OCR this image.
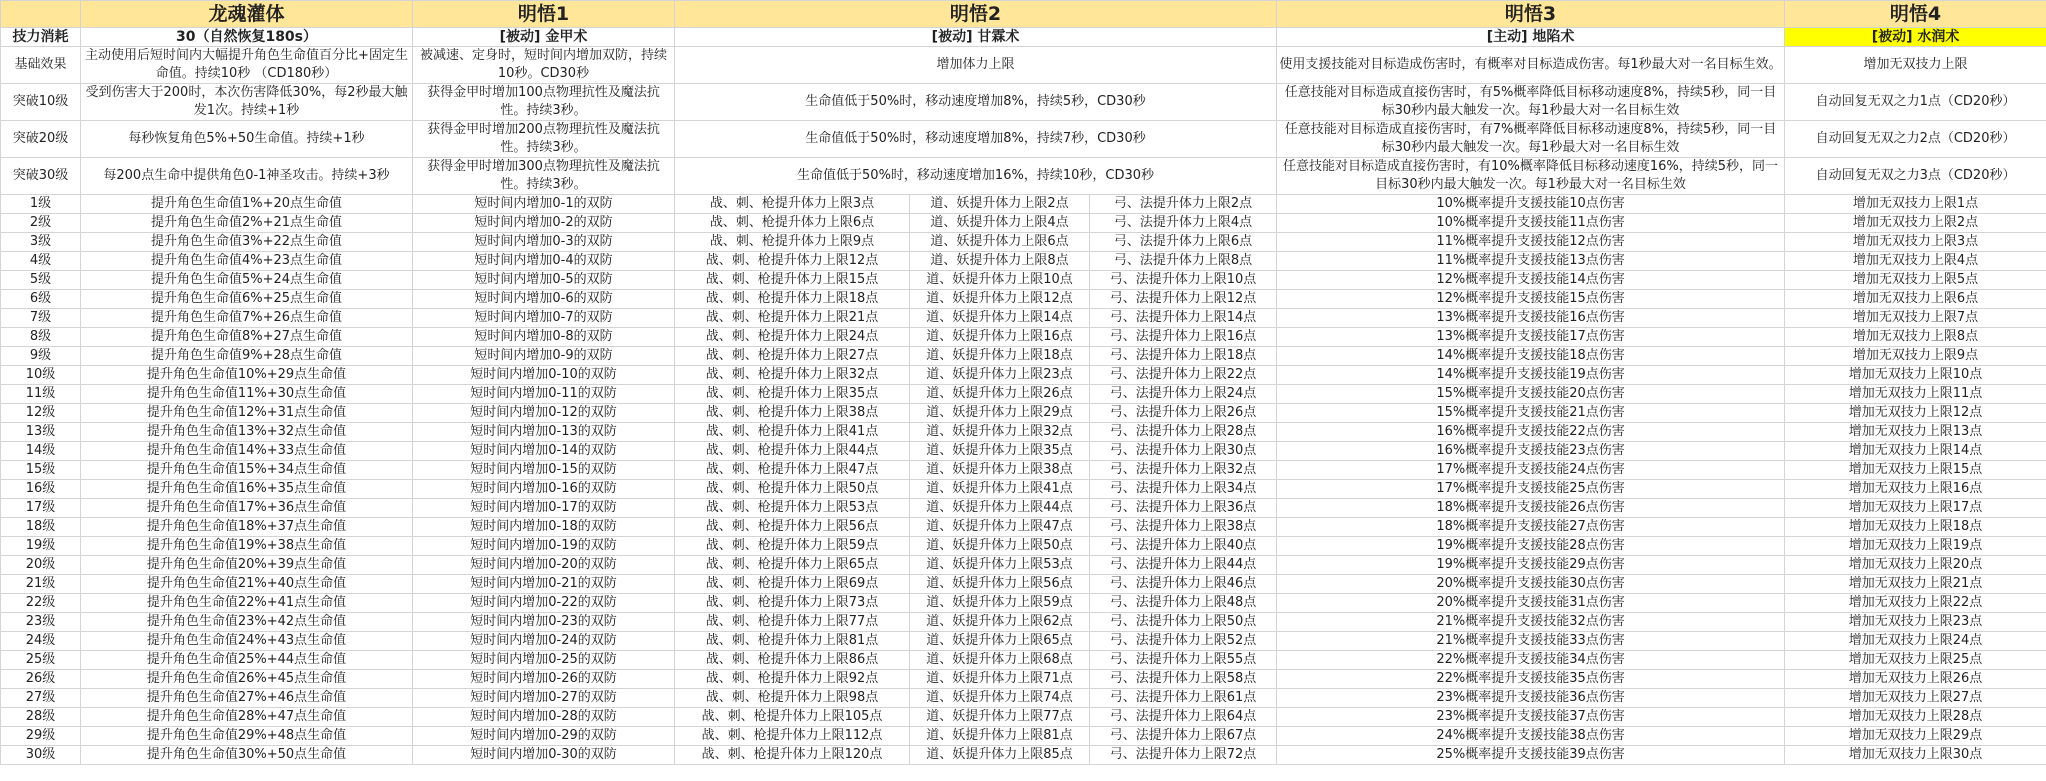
	龙魂灌体	明悟1	明悟2			明悟3	明悟4
技力消耗	30（自然恢复180s）	[被动] 金甲术	[被动] 甘霖术			[主动] 地陷术	[被动] 水润术
基础效果	主动使用后短时间内大幅提升角色生命值百分比+固定生命值。持续10秒 （CD180秒）	被减速、定身时，短时间内增加双防，持续10秒。CD30秒	增加体力上限			使用支援技能对目标造成伤害时，有概率对目标造成伤害。每1秒最大对一名目标生效。	增加无双技力上限
突破10级	受到伤害大于200时，本次伤害降低30%，每2秒最大触发1次。持续+1秒	获得金甲时增加100点物理抗性及魔法抗性。持续3秒。	生命值低于50%时，移动速度增加8%，持续5秒，CD30秒			任意技能对目标造成直接伤害时，有5%概率降低目标移动速度8%，持续5秒，同一目标30秒内最大触发一次。每1秒最大对一名目标生效	自动回复无双之力1点（CD20秒）
突破20级	每秒恢复角色5%+50生命值。持续+1秒	获得金甲时增加200点物理抗性及魔法抗性。持续3秒。	生命值低于50%时，移动速度增加8%，持续7秒，CD30秒			任意技能对目标造成直接伤害时，有7%概率降低目标移动速度8%，持续5秒，同一目标30秒内最大触发一次。每1秒最大对一名目标生效	自动回复无双之力2点（CD20秒）
突破30级	每200点生命中提供角色0-1神圣攻击。持续+3秒	获得金甲时增加300点物理抗性及魔法抗性。持续3秒。	生命值低于50%时，移动速度增加16%，持续10秒，CD30秒			任意技能对目标造成直接伤害时，有10%概率降低目标移动速度16%，持续5秒，同一目标30秒内最大触发一次。每1秒最大对一名目标生效	自动回复无双之力3点（CD20秒）
1级	提升角色生命值1%+20点生命值	短时间内增加0-1的双防	战、刺、枪提升体力上限3点	道、妖提升体力上限2点	弓、法提升体力上限2点	10%概率提升支援技能10点伤害	增加无双技力上限1点
2级	提升角色生命值2%+21点生命值	短时间内增加0-2的双防	战、刺、枪提升体力上限6点	道、妖提升体力上限4点	弓、法提升体力上限4点	10%概率提升支援技能11点伤害	增加无双技力上限2点
3级	提升角色生命值3%+22点生命值	短时间内增加0-3的双防	战、刺、枪提升体力上限9点	道、妖提升体力上限6点	弓、法提升体力上限6点	11%概率提升支援技能12点伤害	增加无双技力上限3点
4级	提升角色生命值4%+23点生命值	短时间内增加0-4的双防	战、刺、枪提升体力上限12点	道、妖提升体力上限8点	弓、法提升体力上限8点	11%概率提升支援技能13点伤害	增加无双技力上限4点
5级	提升角色生命值5%+24点生命值	短时间内增加0-5的双防	战、刺、枪提升体力上限15点	道、妖提升体力上限10点	弓、法提升体力上限10点	12%概率提升支援技能14点伤害	增加无双技力上限5点
6级	提升角色生命值6%+25点生命值	短时间内增加0-6的双防	战、刺、枪提升体力上限18点	道、妖提升体力上限12点	弓、法提升体力上限12点	12%概率提升支援技能15点伤害	增加无双技力上限6点
7级	提升角色生命值7%+26点生命值	短时间内增加0-7的双防	战、刺、枪提升体力上限21点	道、妖提升体力上限14点	弓、法提升体力上限14点	13%概率提升支援技能16点伤害	增加无双技力上限7点
8级	提升角色生命值8%+27点生命值	短时间内增加0-8的双防	战、刺、枪提升体力上限24点	道、妖提升体力上限16点	弓、法提升体力上限16点	13%概率提升支援技能17点伤害	增加无双技力上限8点
9级	提升角色生命值9%+28点生命值	短时间内增加0-9的双防	战、刺、枪提升体力上限27点	道、妖提升体力上限18点	弓、法提升体力上限18点	14%概率提升支援技能18点伤害	增加无双技力上限9点
10级	提升角色生命值10%+29点生命值	短时间内增加0-10的双防	战、刺、枪提升体力上限32点	道、妖提升体力上限23点	弓、法提升体力上限22点	14%概率提升支援技能19点伤害	增加无双技力上限10点
11级	提升角色生命值11%+30点生命值	短时间内增加0-11的双防	战、刺、枪提升体力上限35点	道、妖提升体力上限26点	弓、法提升体力上限24点	15%概率提升支援技能20点伤害	增加无双技力上限11点
12级	提升角色生命值12%+31点生命值	短时间内增加0-12的双防	战、刺、枪提升体力上限38点	道、妖提升体力上限29点	弓、法提升体力上限26点	15%概率提升支援技能21点伤害	增加无双技力上限12点
13级	提升角色生命值13%+32点生命值	短时间内增加0-13的双防	战、刺、枪提升体力上限41点	道、妖提升体力上限32点	弓、法提升体力上限28点	16%概率提升支援技能22点伤害	增加无双技力上限13点
14级	提升角色生命值14%+33点生命值	短时间内增加0-14的双防	战、刺、枪提升体力上限44点	道、妖提升体力上限35点	弓、法提升体力上限30点	16%概率提升支援技能23点伤害	增加无双技力上限14点
15级	提升角色生命值15%+34点生命值	短时间内增加0-15的双防	战、刺、枪提升体力上限47点	道、妖提升体力上限38点	弓、法提升体力上限32点	17%概率提升支援技能24点伤害	增加无双技力上限15点
16级	提升角色生命值16%+35点生命值	短时间内增加0-16的双防	战、刺、枪提升体力上限50点	道、妖提升体力上限41点	弓、法提升体力上限34点	17%概率提升支援技能25点伤害	增加无双技力上限16点
17级	提升角色生命值17%+36点生命值	短时间内增加0-17的双防	战、刺、枪提升体力上限53点	道、妖提升体力上限44点	弓、法提升体力上限36点	18%概率提升支援技能26点伤害	增加无双技力上限17点
18级	提升角色生命值18%+37点生命值	短时间内增加0-18的双防	战、刺、枪提升体力上限56点	道、妖提升体力上限47点	弓、法提升体力上限38点	18%概率提升支援技能27点伤害	增加无双技力上限18点
19级	提升角色生命值19%+38点生命值	短时间内增加0-19的双防	战、刺、枪提升体力上限59点	道、妖提升体力上限50点	弓、法提升体力上限40点	19%概率提升支援技能28点伤害	增加无双技力上限19点
20级	提升角色生命值20%+39点生命值	短时间内增加0-20的双防	战、刺、枪提升体力上限65点	道、妖提升体力上限53点	弓、法提升体力上限44点	19%概率提升支援技能29点伤害	增加无双技力上限20点
21级	提升角色生命值21%+40点生命值	短时间内增加0-21的双防	战、刺、枪提升体力上限69点	道、妖提升体力上限56点	弓、法提升体力上限46点	20%概率提升支援技能30点伤害	增加无双技力上限21点
22级	提升角色生命值22%+41点生命值	短时间内增加0-22的双防	战、刺、枪提升体力上限73点	道、妖提升体力上限59点	弓、法提升体力上限48点	20%概率提升支援技能31点伤害	增加无双技力上限22点
23级	提升角色生命值23%+42点生命值	短时间内增加0-23的双防	战、刺、枪提升体力上限77点	道、妖提升体力上限62点	弓、法提升体力上限50点	21%概率提升支援技能32点伤害	增加无双技力上限23点
24级	提升角色生命值24%+43点生命值	短时间内增加0-24的双防	战、刺、枪提升体力上限81点	道、妖提升体力上限65点	弓、法提升体力上限52点	21%概率提升支援技能33点伤害	增加无双技力上限24点
25级	提升角色生命值25%+44点生命值	短时间内增加0-25的双防	战、刺、枪提升体力上限86点	道、妖提升体力上限68点	弓、法提升体力上限55点	22%概率提升支援技能34点伤害	增加无双技力上限25点
26级	提升角色生命值26%+45点生命值	短时间内增加0-26的双防	战、刺、枪提升体力上限92点	道、妖提升体力上限71点	弓、法提升体力上限58点	22%概率提升支援技能35点伤害	增加无双技力上限26点
27级	提升角色生命值27%+46点生命值	短时间内增加0-27的双防	战、刺、枪提升体力上限98点	道、妖提升体力上限74点	弓、法提升体力上限61点	23%概率提升支援技能36点伤害	增加无双技力上限27点
28级	提升角色生命值28%+47点生命值	短时间内增加0-28的双防	战、刺、枪提升体力上限105点	道、妖提升体力上限77点	弓、法提升体力上限64点	23%概率提升支援技能37点伤害	增加无双技力上限28点
29级	提升角色生命值29%+48点生命值	短时间内增加0-29的双防	战、刺、枪提升体力上限112点	道、妖提升体力上限81点	弓、法提升体力上限67点	24%概率提升支援技能38点伤害	增加无双技力上限29点
30级	提升角色生命值30%+50点生命值	短时间内增加0-30的双防	战、刺、枪提升体力上限120点	道、妖提升体力上限85点	弓、法提升体力上限72点	25%概率提升支援技能39点伤害	增加无双技力上限30点
